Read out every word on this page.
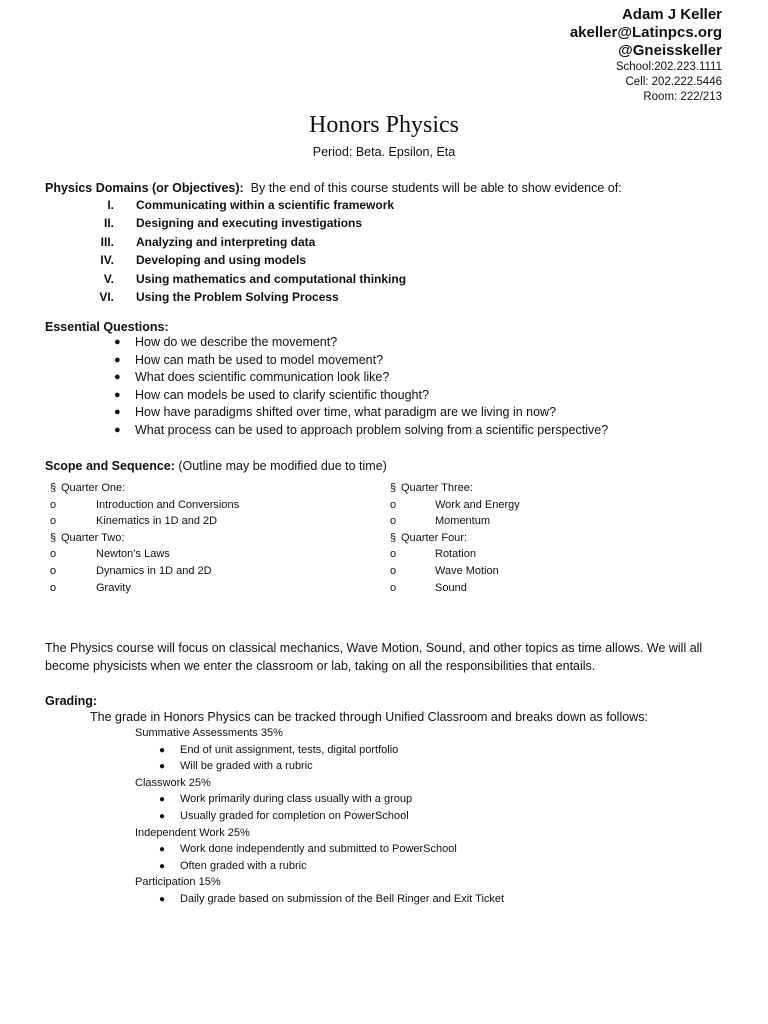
Adam J Keller
akeller@Latinpcs.org
@Gneisskeller
School:202.223.1111
Cell: 202.222.5446
Room: 222/213
Honors Physics
Period: Beta. Epsilon, Eta
Physics Domains (or Objectives): By the end of this course students will be able to show evidence of:
I. Communicating within a scientific framework
II. Designing and executing investigations
III. Analyzing and interpreting data
IV. Developing and using models
V. Using mathematics and computational thinking
VI. Using the Problem Solving Process
Essential Questions:
● How do we describe the movement?
● How can math be used to model movement?
● What does scientific communication look like?
● How can models be used to clarify scientific thought?
● How have paradigms shifted over time, what paradigm are we living in now?
● What process can be used to approach problem solving from a scientific perspective?
Scope and Sequence: (Outline may be modified due to time)
§ Quarter One:
o	Introduction and Conversions
o	Kinematics in 1D and 2D
§ Quarter Two:
o	Newton’s Laws
o	Dynamics in 1D and 2D
o	Gravity
§ Quarter Three:
o	Work and Energy
o	Momentum
§ Quarter Four:
o	Rotation
o	Wave Motion
o	Sound
The Physics course will focus on classical mechanics, Wave Motion, Sound, and other topics as time allows. We will all
become physicists when we enter the classroom or lab, taking on all the responsibilities that entails.
Grading:
The grade in Honors Physics can be tracked through Unified Classroom and breaks down as follows:
Summative Assessments 35%
● End of unit assignment, tests, digital portfolio
● Will be graded with a rubric
Classwork 25%
● Work primarily during class usually with a group
● Usually graded for completion on PowerSchool
Independent Work 25%
● Work done independently and submitted to PowerSchool
● Often graded with a rubric
Participation 15%
● Daily grade based on submission of the Bell Ringer and Exit Ticket
